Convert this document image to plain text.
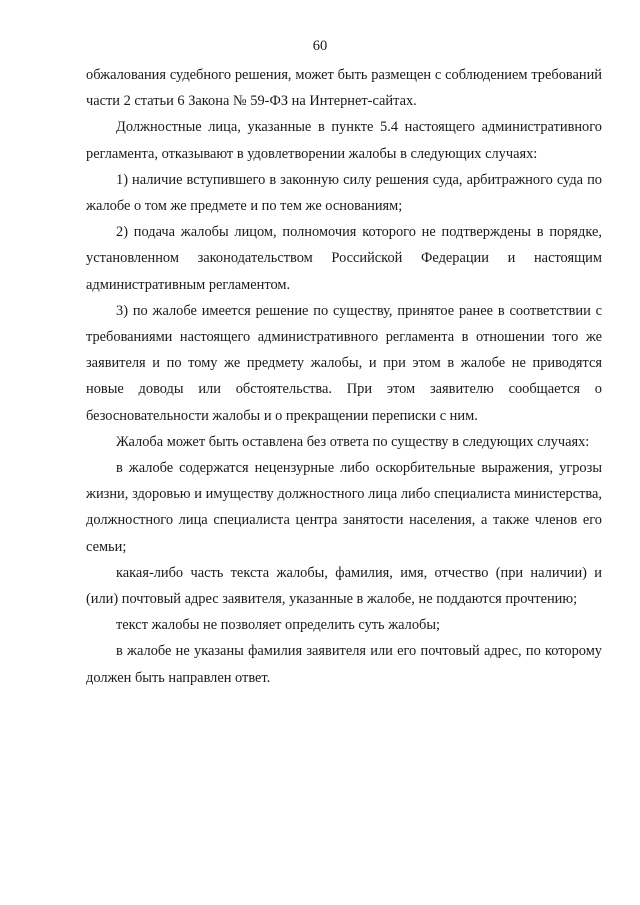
60

обжалования судебного решения, может быть размещен с соблюдением требований части 2 статьи 6 Закона № 59-ФЗ на Интернет-сайтах.

Должностные лица, указанные в пункте 5.4 настоящего административного регламента, отказывают в удовлетворении жалобы в следующих случаях:

1) наличие вступившего в законную силу решения суда, арбитражного суда по жалобе о том же предмете и по тем же основаниям;

2) подача жалобы лицом, полномочия которого не подтверждены в порядке, установленном законодательством Российской Федерации и настоящим административным регламентом.

3) по жалобе имеется решение по существу, принятое ранее в соответствии с требованиями настоящего административного регламента в отношении того же заявителя и по тому же предмету жалобы, и при этом в жалобе не приводятся новые доводы или обстоятельства. При этом заявителю сообщается о безосновательности жалобы и о прекращении переписки с ним.

Жалоба может быть оставлена без ответа по существу в следующих случаях:

в жалобе содержатся нецензурные либо оскорбительные выражения, угрозы жизни, здоровью и имуществу должностного лица либо специалиста министерства, должностного лица специалиста центра занятости населения, а также членов его семьи;

какая-либо часть текста жалобы, фамилия, имя, отчество (при наличии) и (или) почтовый адрес заявителя, указанные в жалобе, не поддаются прочтению;

текст жалобы не позволяет определить суть жалобы;

в жалобе не указаны фамилия заявителя или его почтовый адрес, по которому должен быть направлен ответ.
